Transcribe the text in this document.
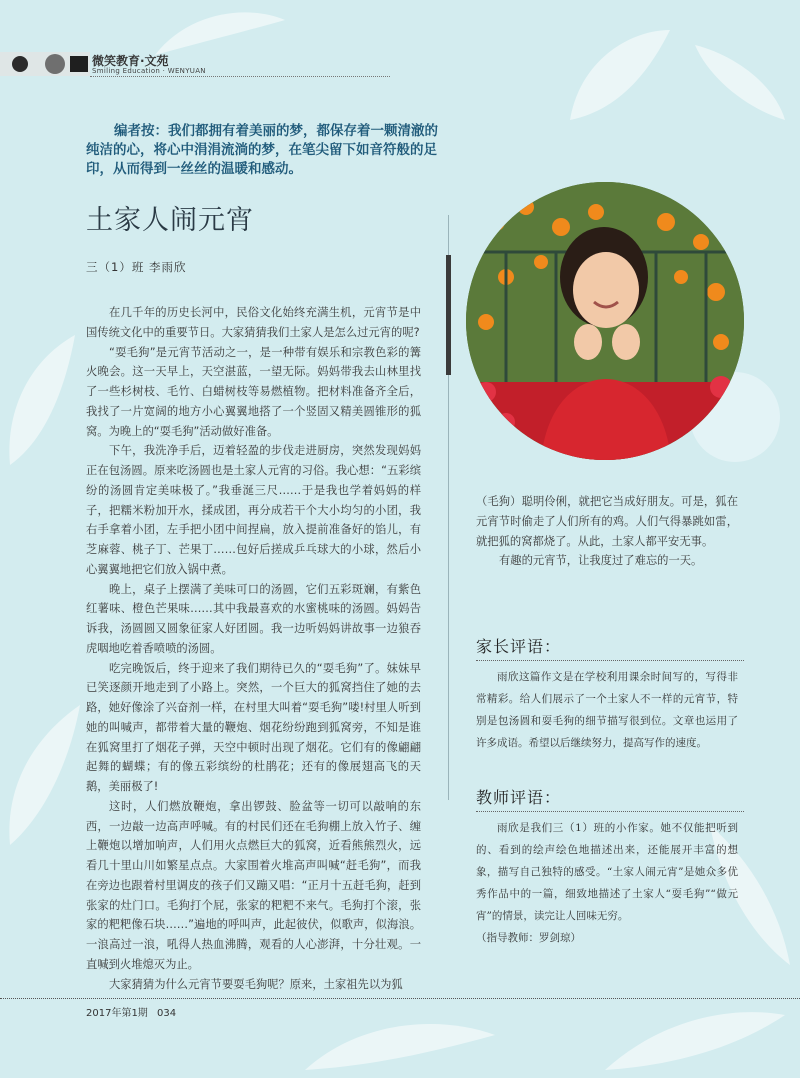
微笑教育·文苑
Smiling Education · WENYUAN
编者按：我们都拥有着美丽的梦，都保存着一颗清澈的纯洁的心，将心中涓涓流淌的梦，在笔尖留下如音符般的足印，从而得到一丝丝的温暖和感动。
土家人闹元宵
三（1）班 李雨欣

在几千年的历史长河中，民俗文化始终充满生机，元宵节是中国传统文化中的重要节日。大家猜猜我们土家人是怎么过元宵的呢?

“耍毛狗”是元宵节活动之一，是一种带有娱乐和宗教色彩的篝火晚会。这一天早上，天空湛蓝，一望无际。妈妈带我去山林里找了一些杉树枝、毛竹、白蜡树枝等易燃植物。把材料准备齐全后，我找了一片宽阔的地方小心翼翼地搭了一个竖固又精美圆锥形的狐窝。为晚上的“耍毛狗”活动做好准备。

下午，我洗净手后，迈着轻盈的步伐走进厨房，突然发现妈妈正在包汤圆。原来吃汤圆也是土家人元宵的习俗。我心想：“五彩缤纷的汤圆肯定美味极了。”我垂涎三尺……于是我也学着妈妈的样子，把糯米粉加开水，揉成团，再分成若干个大小均匀的小团，我右手拿着小团，左手把小团中间捏扁，放入提前准备好的馅儿，有芝麻蓉、桃子丁、芒果丁……包好后搓成乒乓球大的小球，然后小心翼翼地把它们放入锅中煮。

晚上，桌子上摆满了美味可口的汤圆，它们五彩斑斓，有紫色红薯味、橙色芒果味……其中我最喜欢的水蜜桃味的汤圆。妈妈告诉我，汤圆圆又圆象征家人好团圆。我一边听妈妈讲故事一边狼吞虎咽地吃着香喷喷的汤圆。

吃完晚饭后，终于迎来了我们期待已久的“耍毛狗”了。妹妹早已笑逐颜开地走到了小路上。突然，一个巨大的狐窝挡住了她的去路，她好像涂了兴奋剂一样，在村里大叫着“耍毛狗”喽!村里人听到她的叫喊声，都带着大量的鞭炮、烟花纷纷跑到狐窝旁，不知是谁在狐窝里打了烟花子弹，天空中顿时出现了烟花。它们有的像翩翩起舞的蝴蝶；有的像五彩缤纷的杜鹃花；还有的像展翅高飞的天鹅，美丽极了!

这时，人们燃放鞭炮，拿出锣鼓、脸盆等一切可以敲响的东西，一边敲一边高声呼喊。有的村民们还在毛狗棚上放入竹子、缠上鞭炮以增加响声，人们用火点燃巨大的狐窝，近看熊熊烈火，远看几十里山川如繁星点点。大家围着火堆高声叫喊“赶毛狗”，而我在旁边也跟着村里调皮的孩子们又蹦又唱：“正月十五赶毛狗，赶到张家的灶门口。毛狗打个屁，张家的粑粑不来气。毛狗打个滚，张家的粑粑像石块……”遍地的呼叫声，此起彼伏，似歌声，似海浪。一浪高过一浪，吼得人热血沸腾，观看的人心澎湃，十分壮观。一直喊到火堆熄灭为止。

大家猜猜为什么元宵节要耍毛狗呢？原来，土家祖先以为狐

（毛狗）聪明伶俐，就把它当成好朋友。可是，狐在元宵节时偷走了人们所有的鸡。人们气得暴跳如雷，就把狐的窝都烧了。从此，土家人都平安无事。

有趣的元宵节，让我度过了难忘的一天。

家长评语：

雨欣这篇作文是在学校利用课余时间写的，写得非常精彩。给人们展示了一个土家人不一样的元宵节，特别是包汤圆和耍毛狗的细节描写很到位。文章也运用了许多成语。希望以后继续努力，提高写作的速度。

教师评语：

雨欣是我们三（1）班的小作家。她不仅能把听到的、看到的绘声绘色地描述出来，还能展开丰富的想象，描写自己独特的感受。“土家人闹元宵”是她众多优秀作品中的一篇，细致地描述了土家人“耍毛狗”“做元宵”的情景，读完让人回味无穷。

（指导教师：罗剑琼）

2017年第1期 034
